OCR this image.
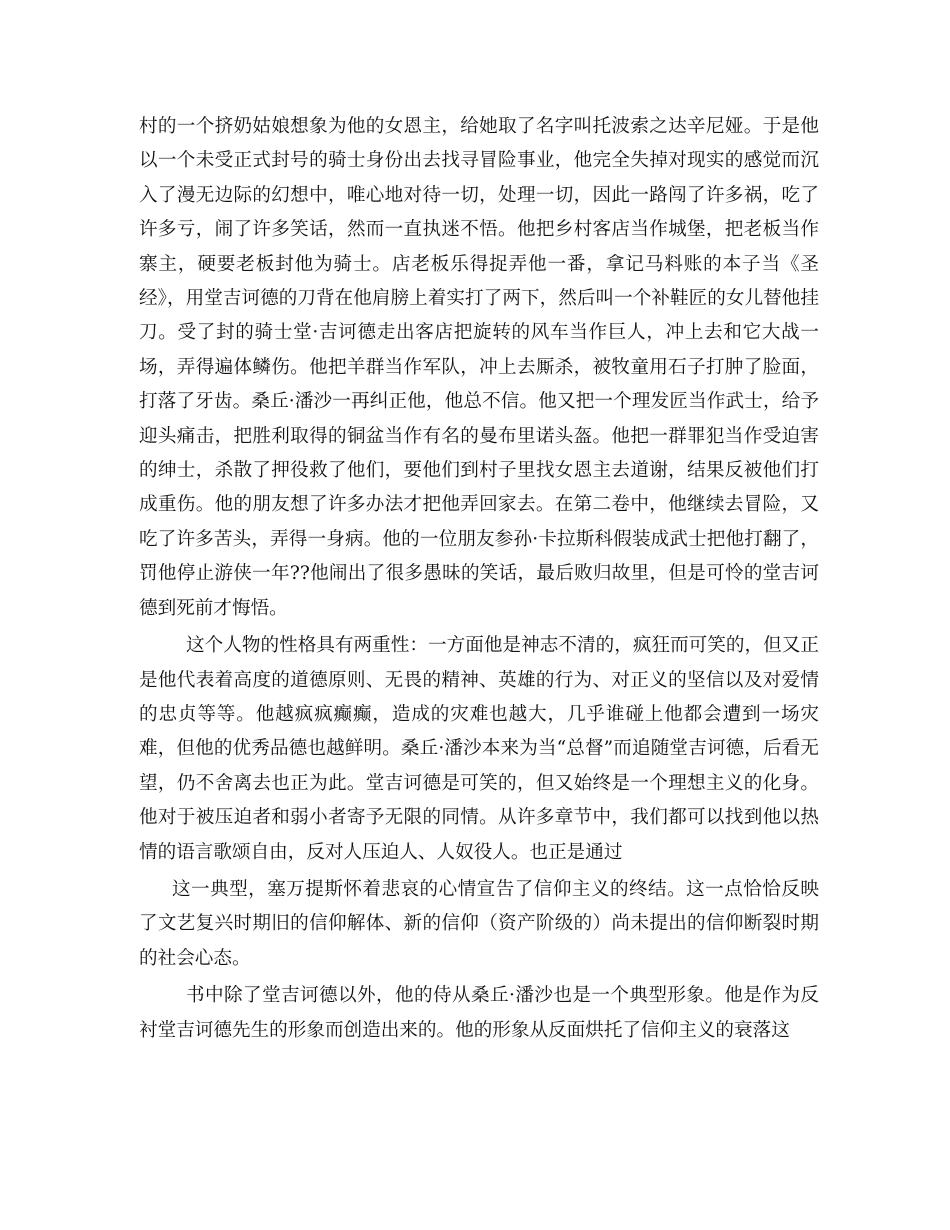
村的一个挤奶姑娘想象为他的女恩主，给她取了名字叫托波索之达辛尼娅。于是他以一个未受正式封号的骑士身份出去找寻冒险事业，他完全失掉对现实的感觉而沉入了漫无边际的幻想中，唯心地对待一切，处理一切，因此一路闯了许多祸，吃了许多亏，闹了许多笑话，然而一直执迷不悟。他把乡村客店当作城堡，把老板当作寨主，硬要老板封他为骑士。店老板乐得捉弄他一番，拿记马料账的本子当《圣经》，用堂吉诃德的刀背在他肩膀上着实打了两下，然后叫一个补鞋匠的女儿替他挂刀。受了封的骑士堂·吉诃德走出客店把旋转的风车当作巨人，冲上去和它大战一场，弄得遍体鳞伤。他把羊群当作军队，冲上去厮杀，被牧童用石子打肿了脸面，打落了牙齿。桑丘·潘沙一再纠正他，他总不信。他又把一个理发匠当作武士，给予迎头痛击，把胜利取得的铜盆当作有名的曼布里诺头盔。他把一群罪犯当作受迫害的绅士，杀散了押役救了他们，要他们到村子里找女恩主去道谢，结果反被他们打成重伤。他的朋友想了许多办法才把他弄回家去。在第二卷中，他继续去冒险，又吃了许多苦头，弄得一身病。他的一位朋友参孙·卡拉斯科假装成武士把他打翻了，罚他停止游侠一年??他闹出了很多愚昧的笑话，最后败归故里，但是可怜的堂吉诃德到死前才悔悟。

这个人物的性格具有两重性：一方面他是神志不清的，疯狂而可笑的，但又正是他代表着高度的道德原则、无畏的精神、英雄的行为、对正义的坚信以及对爱情的忠贞等等。他越疯疯癫癫，造成的灾难也越大，几乎谁碰上他都会遭到一场灾难，但他的优秀品德也越鲜明。桑丘·潘沙本来为当“总督”而追随堂吉诃德，后看无望，仍不舍离去也正为此。堂吉诃德是可笑的，但又始终是一个理想主义的化身。他对于被压迫者和弱小者寄予无限的同情。从许多章节中，我们都可以找到他以热情的语言歌颂自由，反对人压迫人、人奴役人。也正是通过

这一典型，塞万提斯怀着悲哀的心情宣告了信仰主义的终结。这一点恰恰反映了文艺复兴时期旧的信仰解体、新的信仰（资产阶级的）尚未提出的信仰断裂时期的社会心态。

书中除了堂吉诃德以外，他的侍从桑丘·潘沙也是一个典型形象。他是作为反衬堂吉诃德先生的形象而创造出来的。他的形象从反面烘托了信仰主义的衰落这
